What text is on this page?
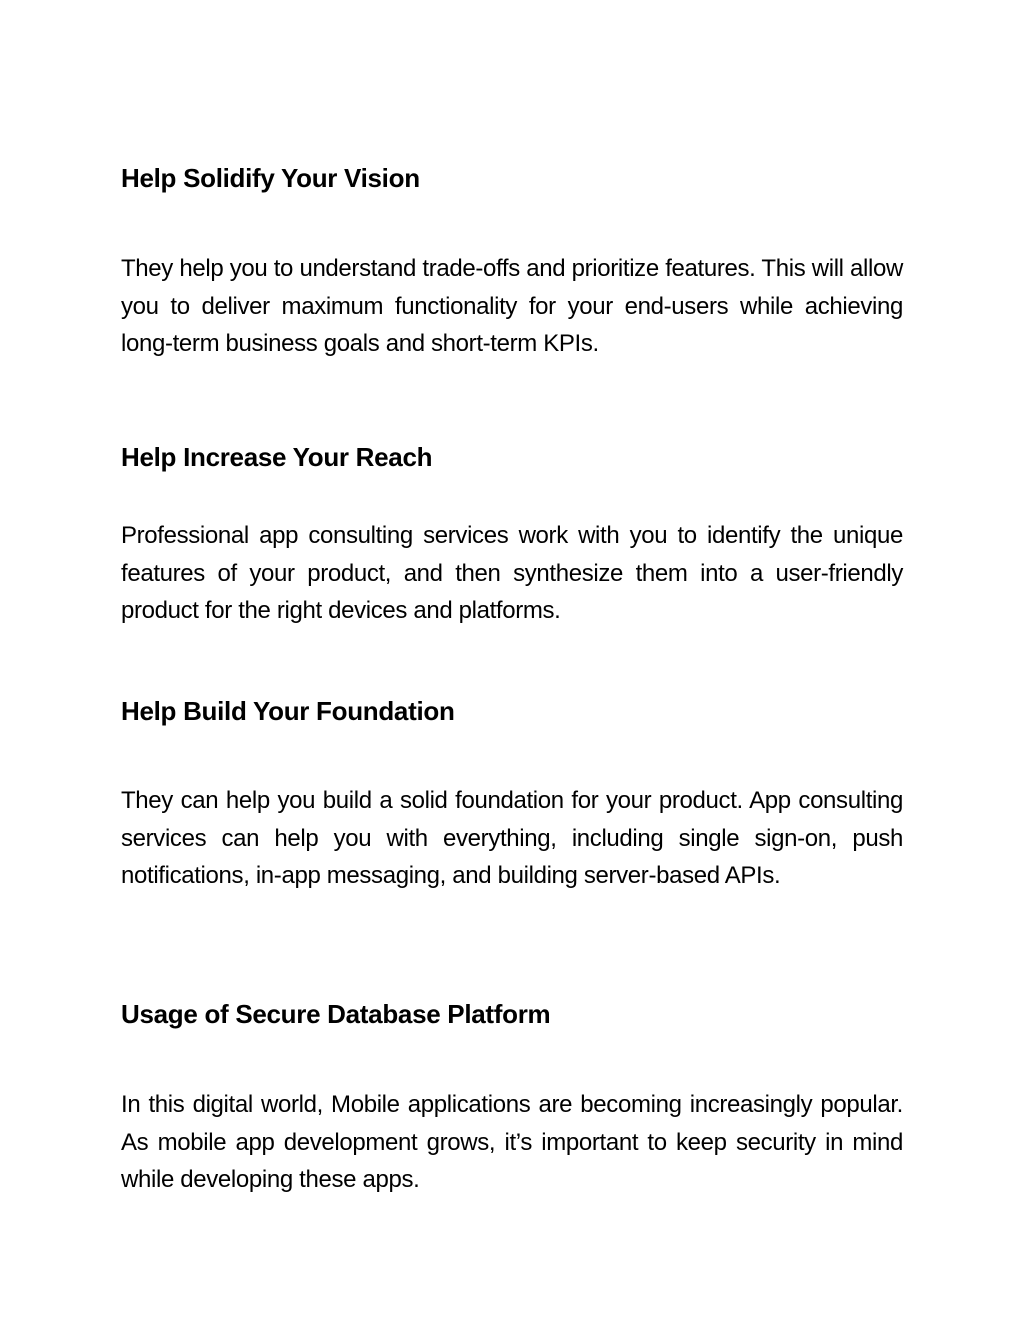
Help Solidify Your Vision

They help you to understand trade-offs and prioritize features. This will allow you to deliver maximum functionality for your end-users while achieving long-term business goals and short-term KPIs.

Help Increase Your Reach

Professional app consulting services work with you to identify the unique features of your product, and then synthesize them into a user-friendly product for the right devices and platforms.

Help Build Your Foundation

They can help you build a solid foundation for your product. App consulting services can help you with everything, including single sign-on, push notifications, in-app messaging, and building server-based APIs.

Usage of Secure Database Platform

In this digital world, Mobile applications are becoming increasingly popular. As mobile app development grows, it’s important to keep security in mind while developing these apps.
